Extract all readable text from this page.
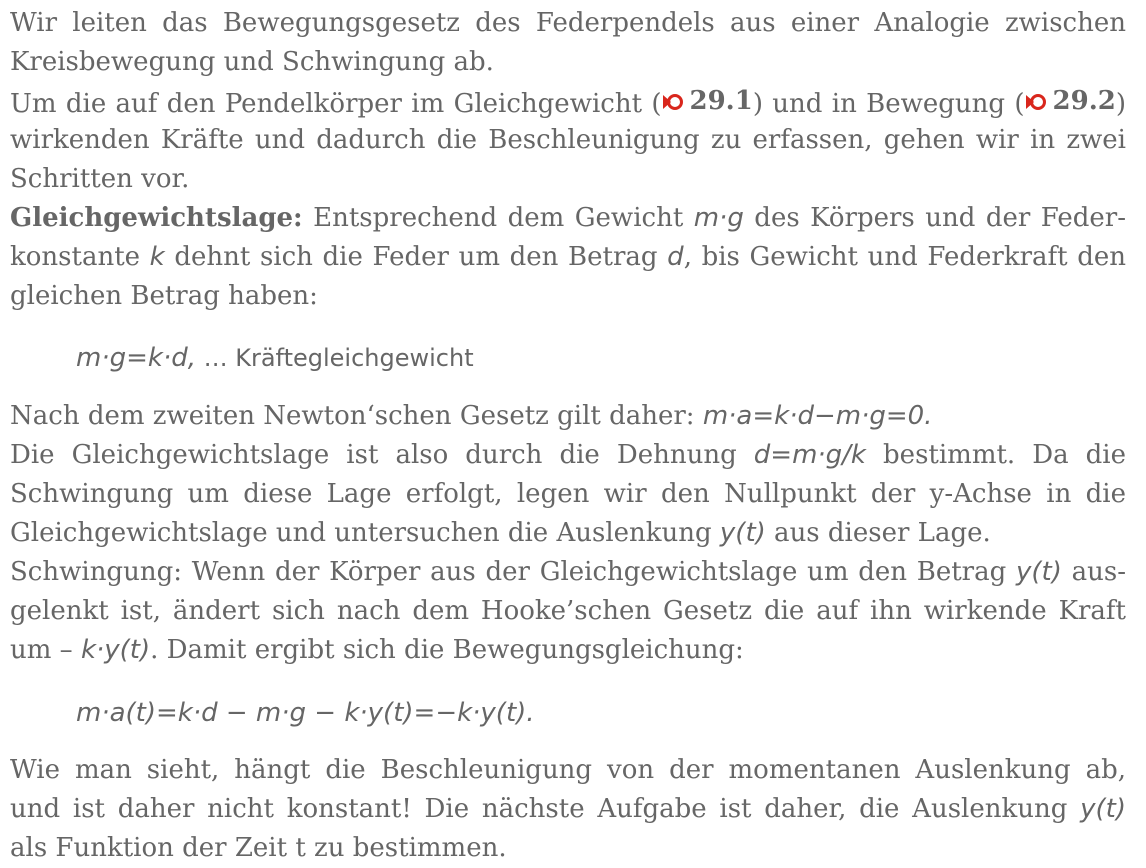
Wir leiten das Bewegungsgesetz des Federpendels aus einer Analogie zwischen
Kreisbewegung und Schwingung ab.
Um die auf den Pendelkörper im Gleichgewicht ( 29.1 ) und in Bewegung ( 29.2 )
wirkenden Kräfte und dadurch die Beschleunigung zu erfassen, gehen wir in zwei
Schritten vor.
Gleichgewichtslage: Entsprechend dem Gewicht m·g des Körpers und der Feder-
konstante k dehnt sich die Feder um den Betrag d, bis Gewicht und Federkraft den
gleichen Betrag haben:
m·g=k·d, … Kräftegleichgewicht
Nach dem zweiten Newton‘schen Gesetz gilt daher: m·a=k·d−m·g=0.
Die Gleichgewichtslage ist also durch die Dehnung d=m·g/k bestimmt. Da die
Schwingung um diese Lage erfolgt, legen wir den Nullpunkt der y-Achse in die
Gleichgewichtslage und untersuchen die Auslenkung y(t) aus dieser Lage.
Schwingung: Wenn der Körper aus der Gleichgewichtslage um den Betrag y(t) aus-
gelenkt ist, ändert sich nach dem Hooke’schen Gesetz die auf ihn wirkende Kraft
um – k·y(t). Damit ergibt sich die Bewegungsgleichung:
m·a(t)=k·d − m·g − k·y(t)=−k·y(t).
Wie man sieht, hängt die Beschleunigung von der momentanen Auslenkung ab,
und ist daher nicht konstant! Die nächste Aufgabe ist daher, die Auslenkung y(t)
als Funktion der Zeit t zu bestimmen.
